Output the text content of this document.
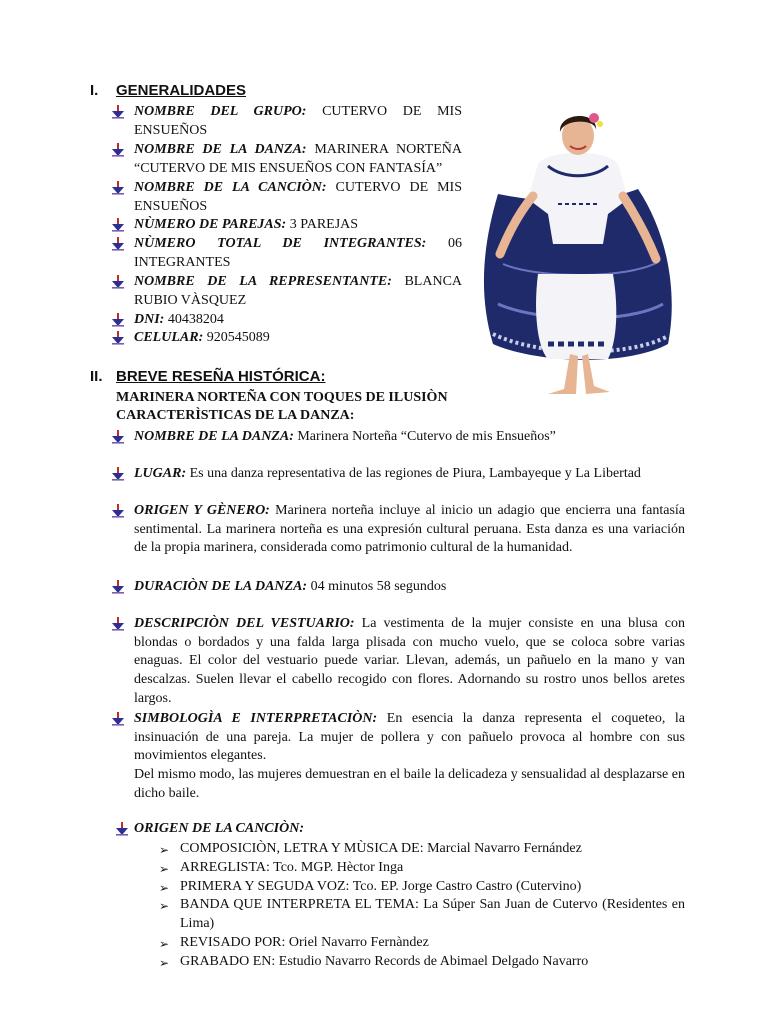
I. GENERALIDADES
NOMBRE DEL GRUPO: CUTERVO DE MIS ENSUEÑOS
NOMBRE DE LA DANZA: MARINERA NORTEÑA “CUTERVO DE MIS ENSUEÑOS CON FANTASÍA”
NOMBRE DE LA CANCIÒN: CUTERVO DE MIS ENSUEÑOS
NÙMERO DE PAREJAS: 3 PAREJAS
NÙMERO TOTAL DE INTEGRANTES: 06 INTEGRANTES
NOMBRE DE LA REPRESENTANTE: BLANCA RUBIO VÀSQUEZ
DNI: 40438204
CELULAR: 920545089
II. BREVE RESEÑA HISTÓRICA:
MARINERA NORTEÑA CON TOQUES DE ILUSIÒN
CARACTERÌSTICAS DE LA DANZA:
NOMBRE DE LA DANZA: Marinera Norteña “Cutervo de mis Ensueños”
LUGAR: Es una danza representativa de las regiones de Piura, Lambayeque y La Libertad
ORIGEN Y GÈNERO: Marinera norteña incluye al inicio un adagio que encierra una fantasía sentimental. La marinera norteña es una expresión cultural peruana. Esta danza es una variación de la propia marinera, considerada como patrimonio cultural de la humanidad.
DURACIÒN DE LA DANZA: 04 minutos 58 segundos
DESCRIPCIÒN DEL VESTUARIO: La vestimenta de la mujer consiste en una blusa con blondas o bordados y una falda larga plisada con mucho vuelo, que se coloca sobre varias enaguas. El color del vestuario puede variar. Llevan, además, un pañuelo en la mano y van descalzas. Suelen llevar el cabello recogido con flores. Adornando su rostro unos bellos aretes largos.
SIMBOLOGÌA E INTERPRETACIÒN: En esencia la danza representa el coqueteo, la insinuación de una pareja. La mujer de pollera y con pañuelo provoca al hombre con sus movimientos elegantes.
Del mismo modo, las mujeres demuestran en el baile la delicadeza y sensualidad al desplazarse en dicho baile.
ORIGEN DE LA CANCIÒN:
➢ COMPOSICIÒN, LETRA Y MÙSICA DE: Marcial Navarro Fernández
➢ ARREGLISTA: Tco. MGP. Hèctor Inga
➢ PRIMERA Y SEGUDA VOZ: Tco. EP. Jorge Castro Castro (Cutervino)
➢ BANDA QUE INTERPRETA EL TEMA: La Súper San Juan de Cutervo (Residentes en Lima)
➢ REVISADO POR: Oriel Navarro Fernàndez
➢ GRABADO EN: Estudio Navarro Records de Abimael Delgado Navarro
